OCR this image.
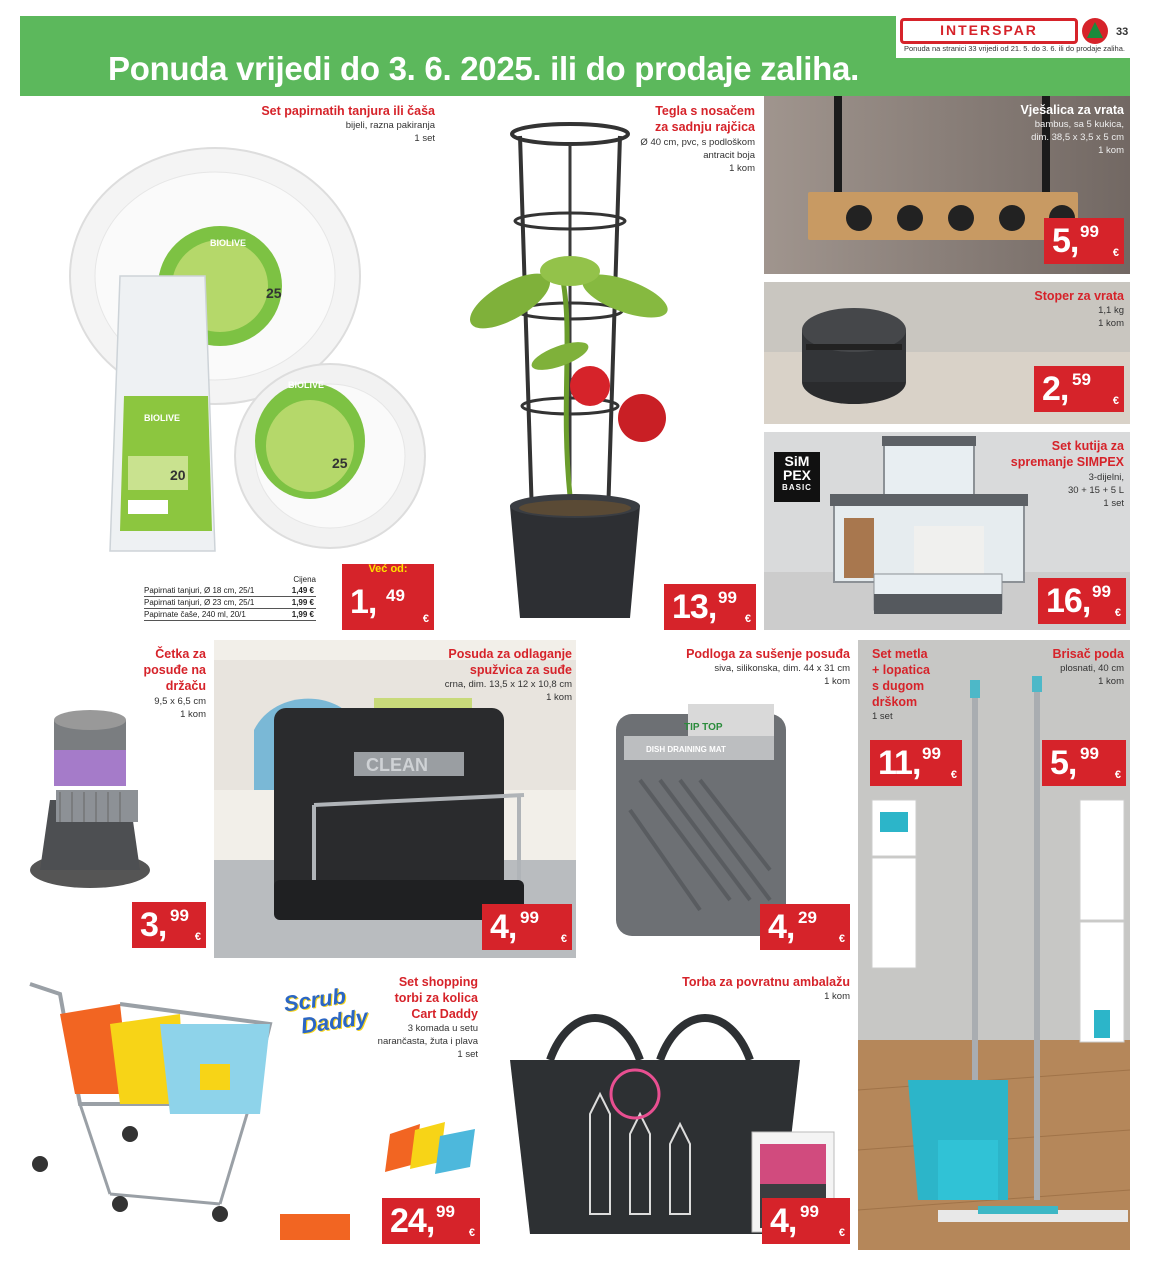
Ponuda vrijedi do 3. 6. 2025. ili do prodaje zaliha.
INTERSPAR	33
Ponuda na stranici 33 vrijedi od 21. 5. do 3. 6. ili do prodaje zaliha.
BIOLIVE
BIOLIVE
25
25
BIOLIVE
20
Set papirnatih tanjura ili čaša
bijeli, razna pakiranja
1 set
Cijena
Papirnati tanjuri, Ø 18 cm, 25/1	1,49 €
Papirnati tanjuri, Ø 23 cm, 25/1	1,99 €
Papirnate čaše, 240 ml, 20/1	1,99 €
Već od:
1, 49
€
Tegla s nosačem
za sadnju rajčica
Ø 40 cm, pvc, s podloškom
antracit boja
1 kom
13, 99
€
Vješalica za vrata
bambus, sa 5 kukica,
dim. 38,5 x 3,5 x 5 cm
1 kom
5, 99
€
Stoper za vrata
1,1 kg
1 kom
2, 59
€
SiM
PEX
BASIC
Set kutija za
spremanje SIMPEX
3-dijelni,
30 + 15 + 5 L
1 set
16, 99
€
Četka za
posuđe na
držaču
9,5 x 6,5 cm
1 kom
3, 99
€
CLEAN
Posuda za odlaganje
spužvica za suđe
crna, dim. 13,5 x 12 x 10,8 cm
1 kom
4, 99
€
DISH DRAINING MAT
TIP TOP
Podloga za sušenje posuđa
siva, silikonska, dim. 44 x 31 cm
1 kom
4, 29
€
Set metla
+ lopatica
s dugom
drškom
1 set
11, 99
€
Brisač poda
plosnati, 40 cm
1 kom
5, 99
€
Scrub
Daddy
Set shopping
torbi za kolica
Cart Daddy
3 komada u setu
narančasta, žuta i plava
1 set
24, 99
€
Torba za povratnu ambalažu
1 kom
4, 99
€
